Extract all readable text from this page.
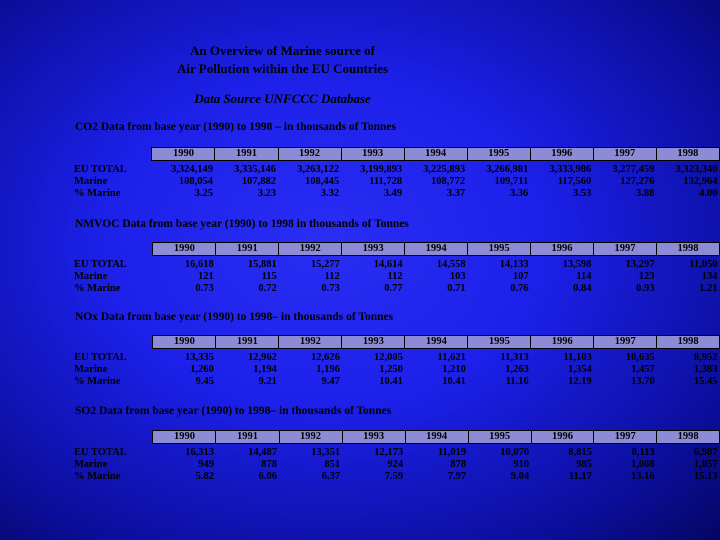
An Overview of Marine source of
Air Pollution within the EU Countries
Data Source UNFCCC Database
CO2 Data from base year (1990) to 1998 – in thousands of Tonnes
	1990	1991	1992	1993	1994	1995	1996	1997	1998
EU TOTAL	3,324,149	3,335,146	3,263,122	3,199,893	3,225,893	3,266,981	3,333,986	3,277,459	3,323,340
Marine	108,054	107,882	108,445	111,728	108,772	109,711	117,560	127,276	132,964
% Marine	3.25	3.23	3.32	3.49	3.37	3.36	3.53	3.88	4.00
NMVOC Data from base year (1990) to 1998 in thousands of Tonnes
	1990	1991	1992	1993	1994	1995	1996	1997	1998
EU TOTAL	16,618	15,881	15,277	14,614	14,558	14,133	13,598	13,297	11,050
Marine	121	115	112	112	103	107	114	123	134
% Marine	0.73	0.72	0.73	0.77	0.71	0.76	0.84	0.93	1.21
NOx Data from base year (1990) to 1998– in thousands of Tonnes
	1990	1991	1992	1993	1994	1995	1996	1997	1998
EU TOTAL	13,335	12,962	12,626	12,005	11,621	11,313	11,103	10,635	8,952
Marine	1,260	1,194	1,196	1,250	1,210	1,263	1,354	1,457	1,383
% Marine	9.45	9.21	9.47	10.41	10.41	11.16	12.19	13.70	15.45
SO2 Data from base year (1990) to 1998– in thousands of Tonnes
	1990	1991	1992	1993	1994	1995	1996	1997	1998
EU TOTAL	16,313	14,487	13,351	12,173	11,019	10,070	8,815	8,113	6,987
Marine	949	878	851	924	878	910	985	1,068	1,057
% Marine	5.82	6.06	6.37	7.59	7.97	9.04	11.17	13.16	15.13
